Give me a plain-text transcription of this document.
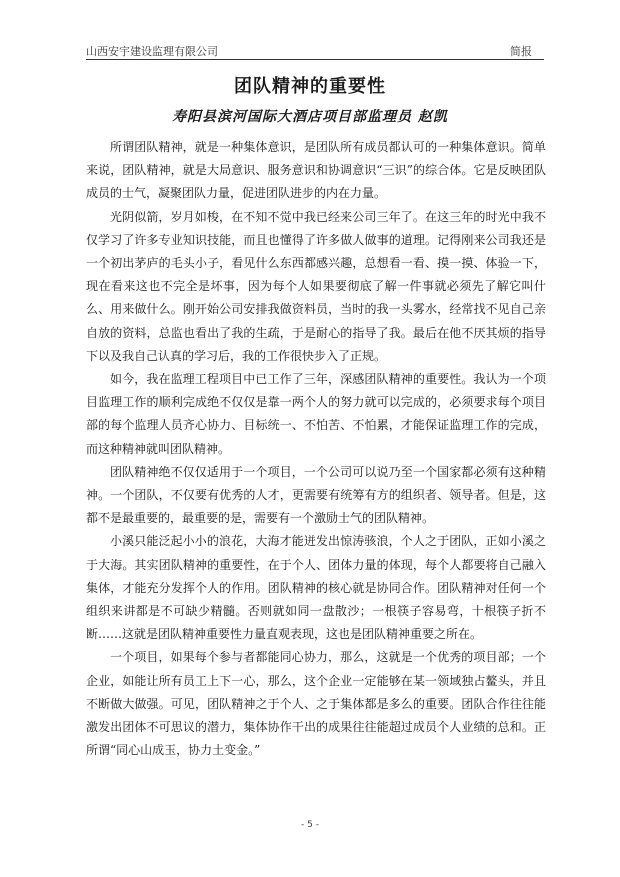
山西安宇建设监理有限公司	简报
团队精神的重要性
寿阳县滨河国际大酒店项目部监理员 赵凯

所谓团队精神，就是一种集体意识，是团队所有成员都认可的一种集体意识。简单来说，团队精神，就是大局意识、服务意识和协调意识“三识”的综合体。它是反映团队成员的士气，凝聚团队力量，促进团队进步的内在力量。

光阴似箭，岁月如梭，在不知不觉中我已经来公司三年了。在这三年的时光中我不仅学习了许多专业知识技能，而且也懂得了许多做人做事的道理。记得刚来公司我还是一个初出茅庐的毛头小子，看见什么东西都感兴趣，总想看一看、摸一摸、体验一下，现在看来这也不完全是坏事，因为每个人如果要彻底了解一件事就必须先了解它叫什么、用来做什么。刚开始公司安排我做资料员，当时的我一头雾水，经常找不见自己亲自放的资料，总监也看出了我的生疏，于是耐心的指导了我。最后在他不厌其烦的指导下以及我自己认真的学习后，我的工作很快步入了正规。

如今，我在监理工程项目中已工作了三年，深感团队精神的重要性。我认为一个项目监理工作的顺利完成绝不仅仅是靠一两个人的努力就可以完成的，必须要求每个项目部的每个监理人员齐心协力、目标统一、不怕苦、不怕累，才能保证监理工作的完成，而这种精神就叫团队精神。

团队精神绝不仅仅适用于一个项目，一个公司可以说乃至一个国家都必须有这种精神。一个团队，不仅要有优秀的人才，更需要有统筹有方的组织者、领导者。但是，这都不是最重要的，最重要的是，需要有一个激励士气的团队精神。

小溪只能泛起小小的浪花，大海才能迸发出惊涛骇浪，个人之于团队，正如小溪之于大海。其实团队精神的重要性，在于个人、团体力量的体现，每个人都要将自己融入集体，才能充分发挥个人的作用。团队精神的核心就是协同合作。团队精神对任何一个组织来讲都是不可缺少精髓。否则就如同一盘散沙；一根筷子容易弯，十根筷子折不断……这就是团队精神重要性力量直观表现，这也是团队精神重要之所在。

一个项目，如果每个参与者都能同心协力，那么，这就是一个优秀的项目部；一个企业，如能让所有员工上下一心，那么，这个企业一定能够在某一领域独占鳌头，并且不断做大做强。可见，团队精神之于个人、之于集体都是多么的重要。团队合作往往能激发出团体不可思议的潜力，集体协作干出的成果往往能超过成员个人业绩的总和。正所谓“同心山成玉，协力土变金。”

- 5 -
